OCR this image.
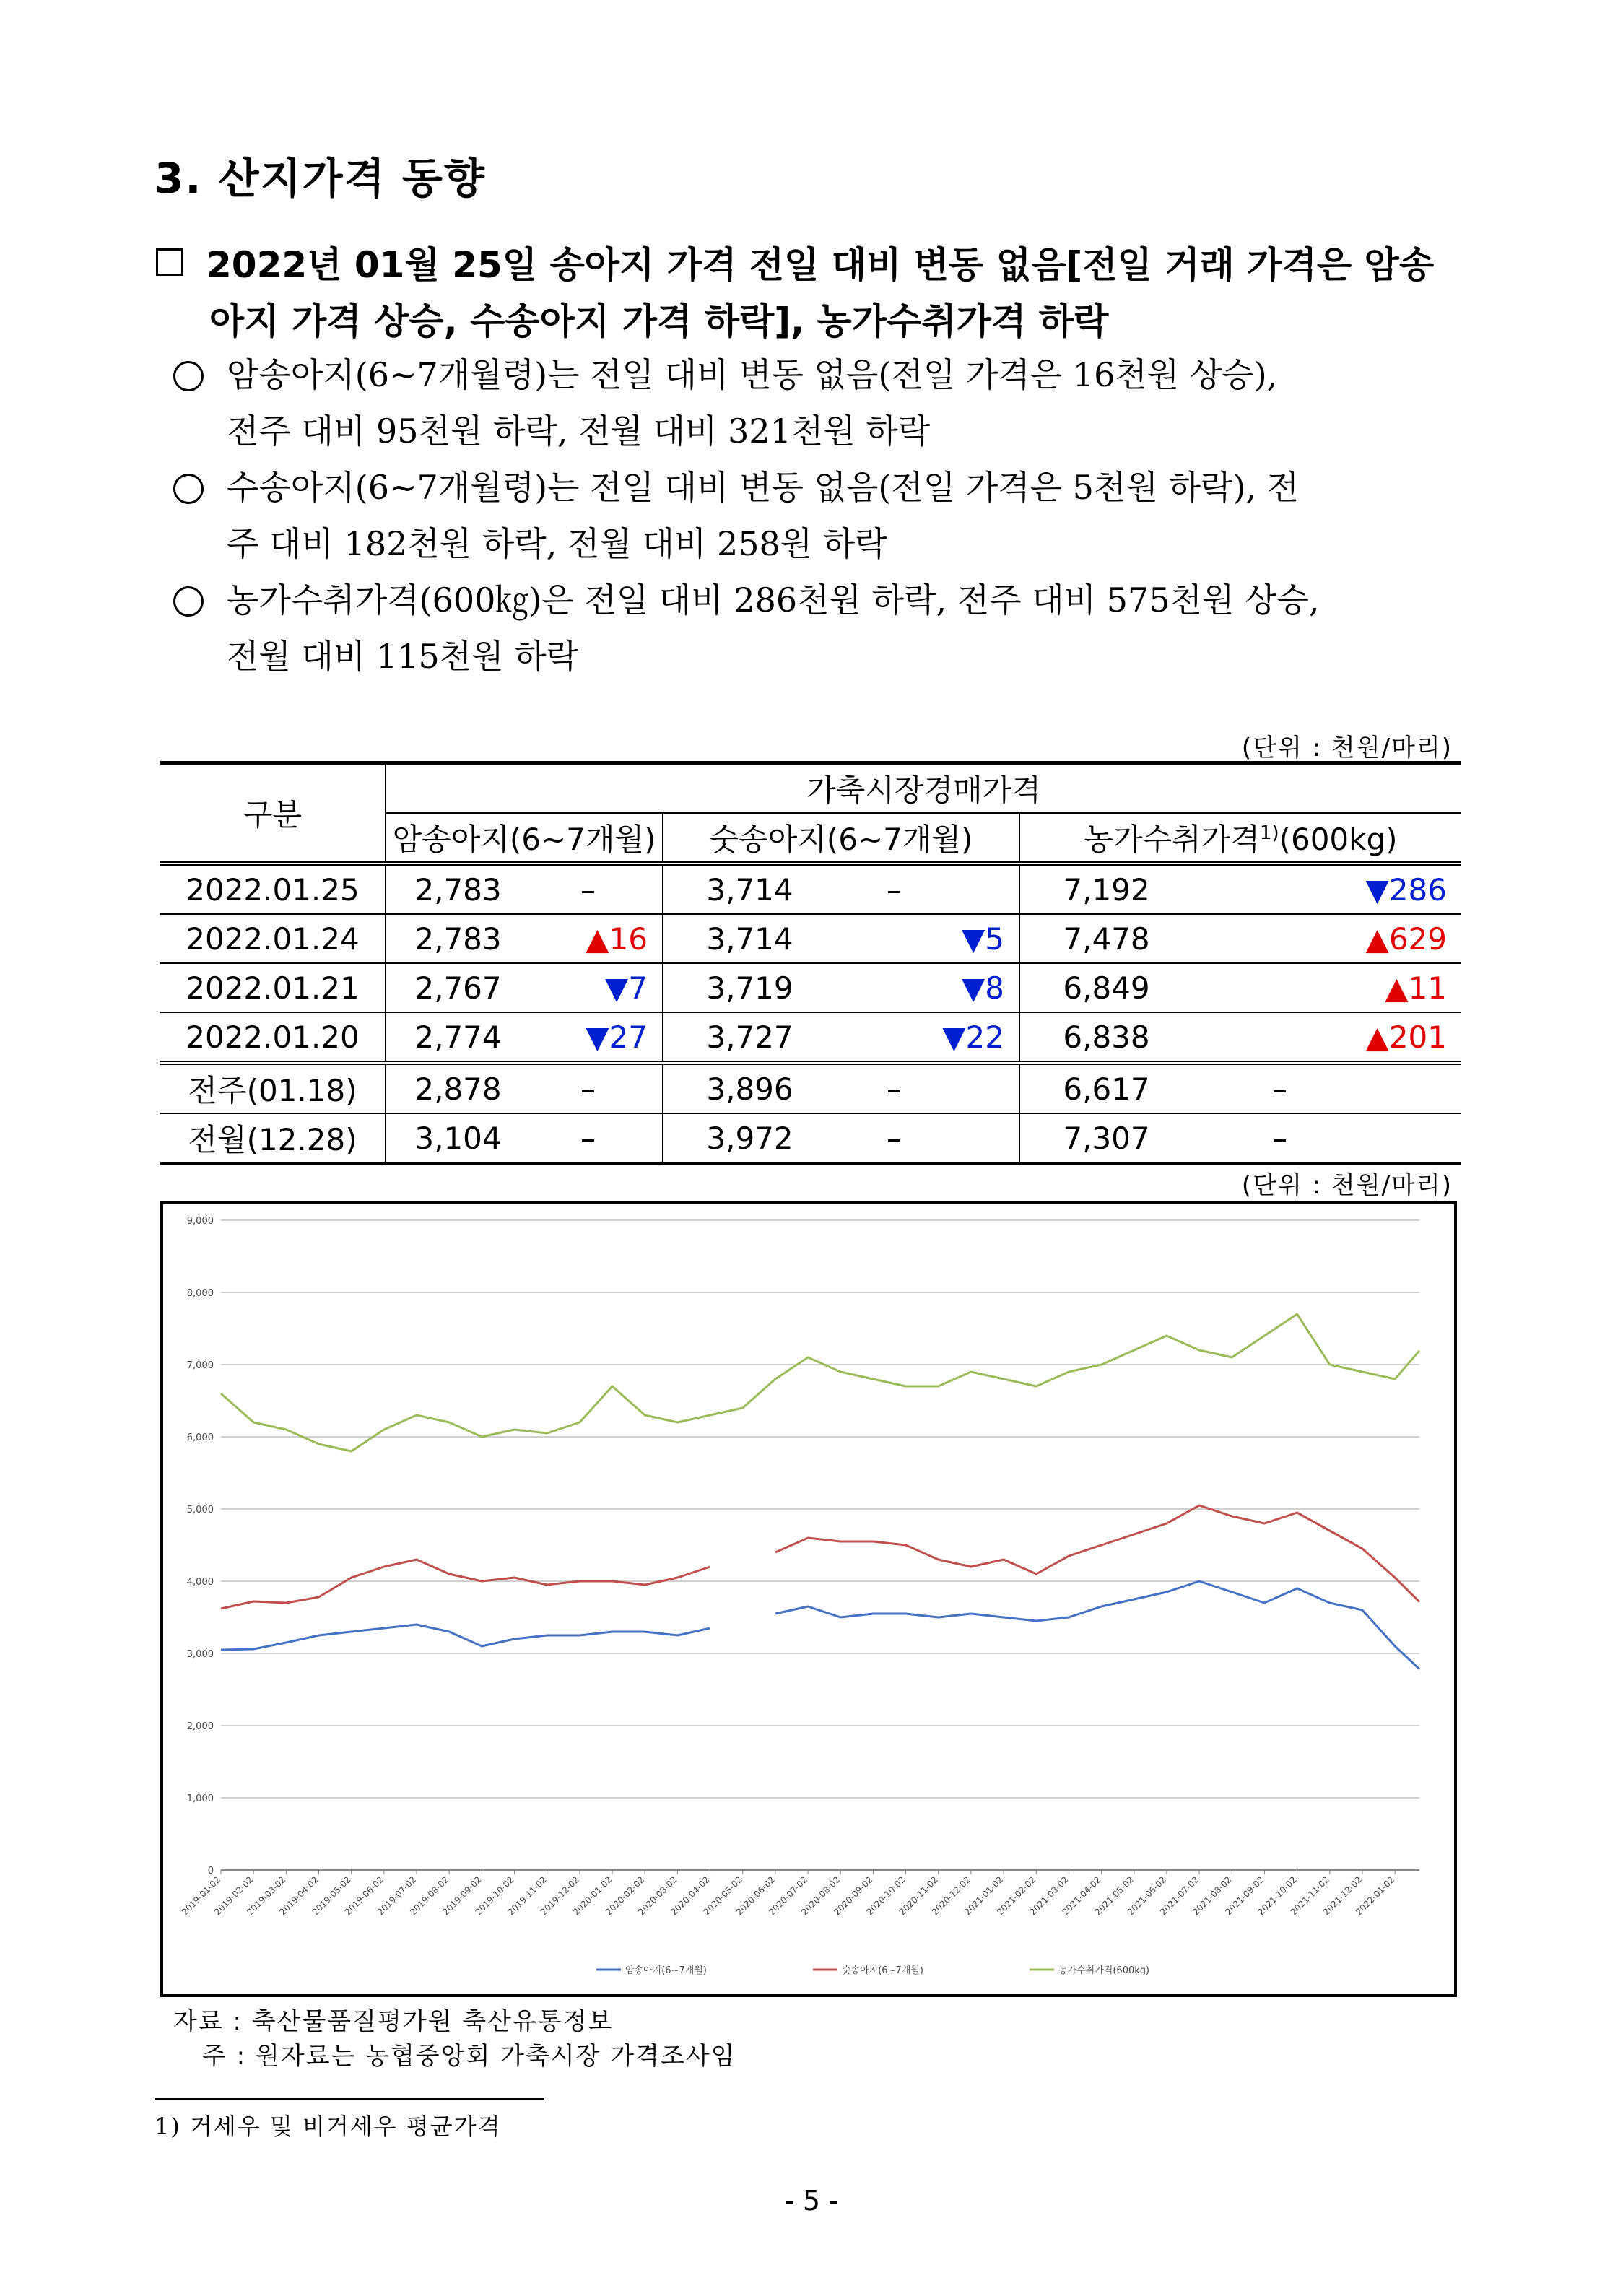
3. 산지가격 동향
2022년 01월 25일 송아지 가격 전일 대비 변동 없음[전일 거래 가격은 암송
아지 가격 상승, 수송아지 가격 하락], 농가수취가격 하락
암송아지(6~7개월령)는 전일 대비 변동 없음(전일 가격은 16천원 상승),
전주 대비 95천원 하락, 전월 대비 321천원 하락
수송아지(6~7개월령)는 전일 대비 변동 없음(전일 가격은 5천원 하락), 전
주 대비 182천원 하락, 전월 대비 258원 하락
농가수취가격(600㎏)은 전일 대비 286천원 하락, 전주 대비 575천원 상승,
전월 대비 115천원 하락
(단위 : 천원/마리)
구분	가축시장경매가격					
	암송아지(6~7개월)		숫송아지(6~7개월)		농가수취가격$^{1)}$(600kg)	
2022.01.25	2,783	–	3,714	–	7,192	▼286
2022.01.24	2,783	▲16	3,714	▼5	7,478	▲629
2022.01.21	2,767	▼7	3,719	▼8	6,849	▲11
2022.01.20	2,774	▼27	3,727	▼22	6,838	▲201
전주(01.18)	2,878	–	3,896	–	6,617	–
전월(12.28)	3,104	–	3,972	–	7,307	–
(단위 : 천원/마리)
0
1,000
2,000
3,000
4,000
5,000
6,000
7,000
8,000
9,000
2019-01-02
2019-02-02
2019-03-02
2019-04-02
2019-05-02
2019-06-02
2019-07-02
2019-08-02
2019-09-02
2019-10-02
2019-11-02
2019-12-02
2020-01-02
2020-02-02
2020-03-02
2020-04-02
2020-05-02
2020-06-02
2020-07-02
2020-08-02
2020-09-02
2020-10-02
2020-11-02
2020-12-02
2021-01-02
2021-02-02
2021-03-02
2021-04-02
2021-05-02
2021-06-02
2021-07-02
2021-08-02
2021-09-02
2021-10-02
2021-11-02
2021-12-02
2022-01-02
암송아지(6~7개월)	숫송아지(6~7개월)	농가수취가격(600kg)
자료 : 축산물품질평가원 축산유통정보
주 : 원자료는 농협중앙회 가축시장 가격조사임
1) 거세우 및 비거세우 평균가격
- 5 -
